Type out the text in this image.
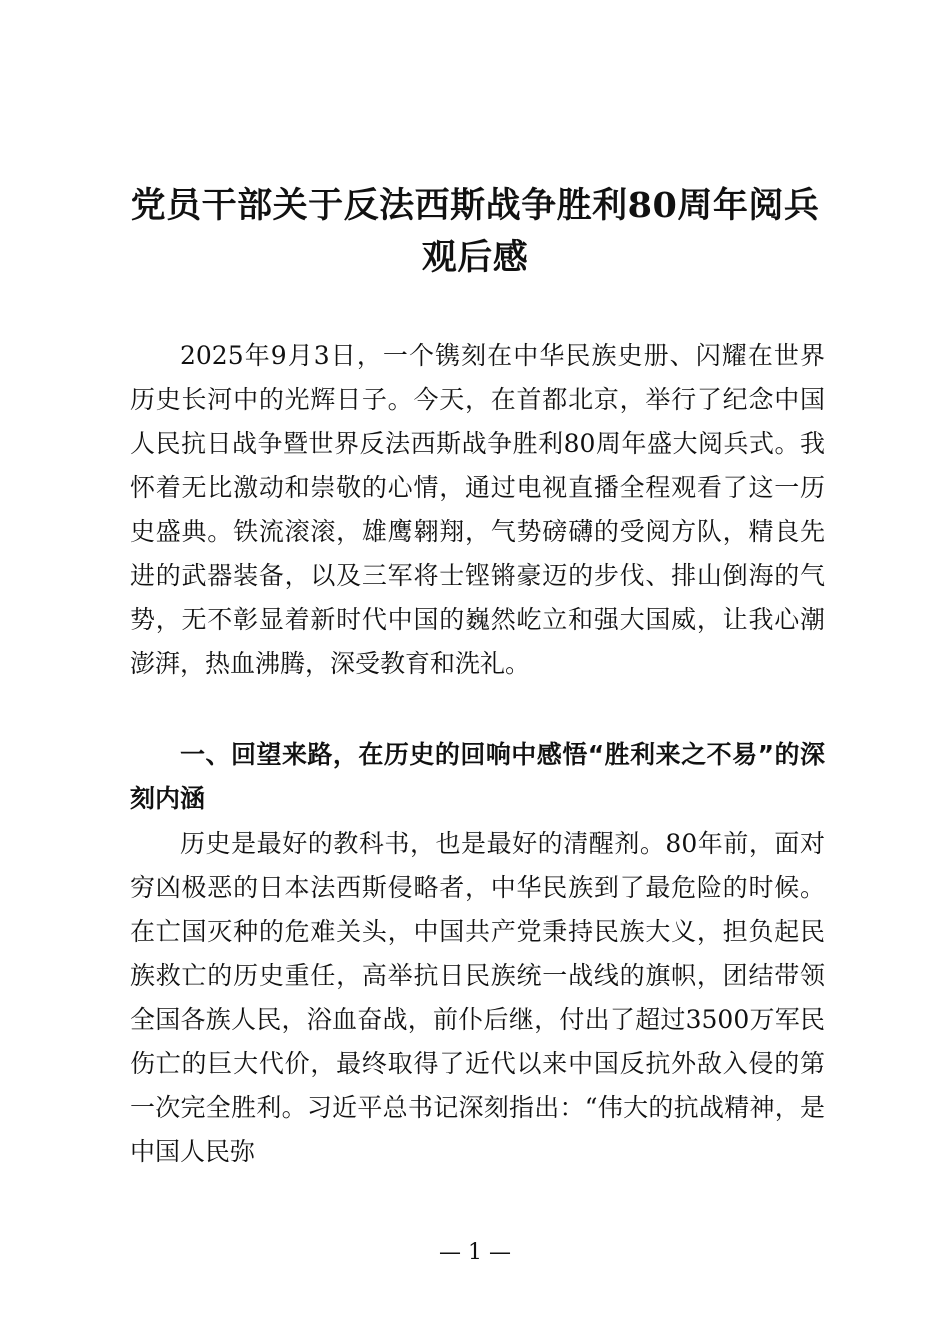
党员干部关于反法西斯战争胜利80周年阅兵观后感

2025年9月3日，一个镌刻在中华民族史册、闪耀在世界历史长河中的光辉日子。今天，在首都北京，举行了纪念中国人民抗日战争暨世界反法西斯战争胜利80周年盛大阅兵式。我怀着无比激动和崇敬的心情，通过电视直播全程观看了这一历史盛典。铁流滚滚，雄鹰翱翔，气势磅礴的受阅方队，精良先进的武器装备，以及三军将士铿锵豪迈的步伐、排山倒海的气势，无不彰显着新时代中国的巍然屹立和强大国威，让我心潮澎湃，热血沸腾，深受教育和洗礼。

一、回望来路，在历史的回响中感悟“胜利来之不易”的深刻内涵

历史是最好的教科书，也是最好的清醒剂。80年前，面对穷凶极恶的日本法西斯侵略者，中华民族到了最危险的时候。在亡国灭种的危难关头，中国共产党秉持民族大义，担负起民族救亡的历史重任，高举抗日民族统一战线的旗帜，团结带领全国各族人民，浴血奋战，前仆后继，付出了超过3500万军民伤亡的巨大代价，最终取得了近代以来中国反抗外敌入侵的第一次完全胜利。习近平总书记深刻指出：“伟大的抗战精神，是中国人民弥

— 1 —
